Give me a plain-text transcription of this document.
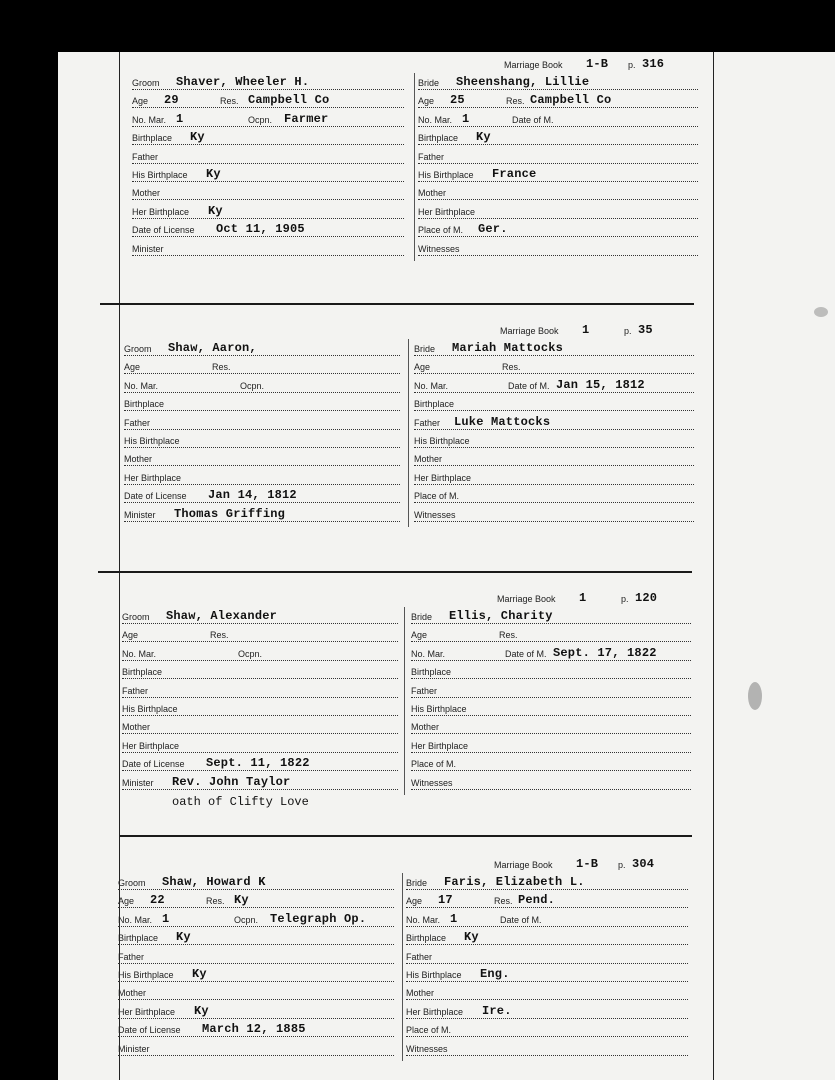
Groom Shaver, Wheeler H.
Age 29	Res. Campbell Co
No. Mar. 1	Ocpn. Farmer
Birthplace Ky
Father
His Birthplace Ky
Mother
Her Birthplace Ky
Date of License Oct 11, 1905
Minister
Marriage Book 1-B p. 316
Bride Sheenshang, Lillie
Age 25	Res. Campbell Co
No. Mar. 1	Date of M.
Birthplace Ky
Father
His Birthplace France
Mother
Her Birthplace
Place of M. Ger.
Witnesses
Groom Shaw, Aaron,
Age	Res.
No. Mar.	Ocpn.
Birthplace
Father
His Birthplace
Mother
Her Birthplace
Date of License Jan 14, 1812
Minister Thomas Griffing
Marriage Book 1	p. 35
Bride Mariah Mattocks
Age	Res.
No. Mar.	Date of M. Jan 15, 1812
Birthplace
Father Luke Mattocks
His Birthplace
Mother
Her Birthplace
Place of M.
Witnesses
Groom Shaw, Alexander
Age	Res.
No. Mar.	Ocpn.
Birthplace
Father
His Birthplace
Mother
Her Birthplace
Date of License Sept. 11, 1822
Minister Rev. John Taylor
Marriage Book 1	p. 120
Bride Ellis, Charity
Age	Res.
No. Mar.	Date of M. Sept. 17, 1822
Birthplace
Father
His Birthplace
Mother
Her Birthplace
Place of M.
Witnesses
oath of Clifty Love
Groom Shaw, Howard K
Age 22	Res. Ky
No. Mar. 1	Ocpn. Telegraph Op.
Birthplace Ky
Father
His Birthplace Ky
Mother
Her Birthplace Ky
Date of License March 12, 1885
Minister
Marriage Book 1-B p. 304
Bride Faris, Elizabeth L.
Age 17	Res. Pend.
No. Mar. 1	Date of M.
Birthplace Ky
Father
His Birthplace Eng.
Mother
Her Birthplace Ire.
Place of M.
Witnesses
